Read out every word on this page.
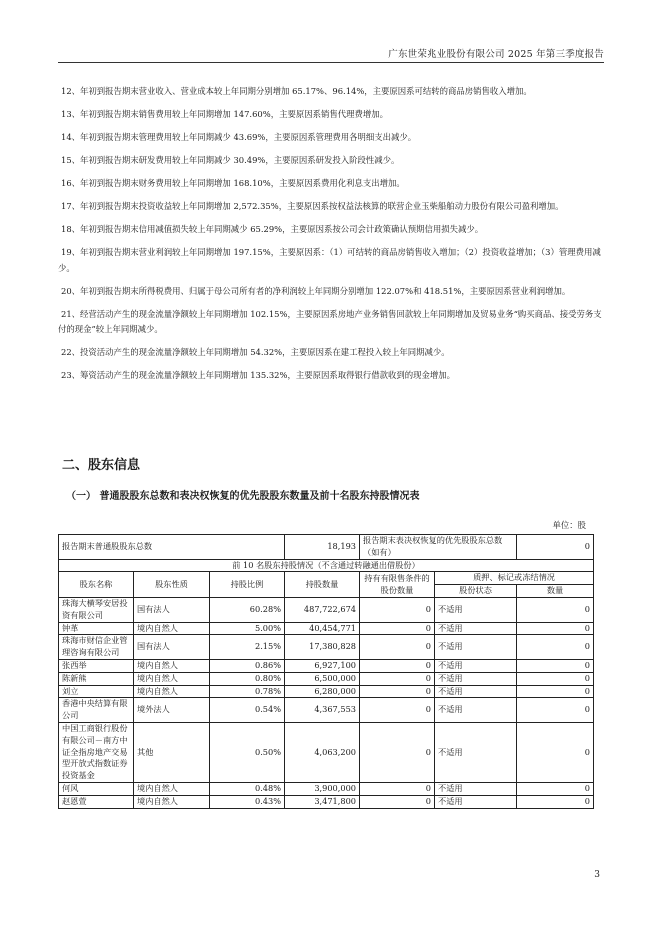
广东世荣兆业股份有限公司 2025 年第三季度报告

12、年初到报告期末营业收入、营业成本较上年同期分别增加 65.17%、96.14%，主要原因系可结转的商品房销售收入增加。

13、年初到报告期末销售费用较上年同期增加 147.60%，主要原因系销售代理费增加。

14、年初到报告期末管理费用较上年同期减少 43.69%，主要原因系管理费用各明细支出减少。

15、年初到报告期末研发费用较上年同期减少 30.49%，主要原因系研发投入阶段性减少。

16、年初到报告期末财务费用较上年同期增加 168.10%，主要原因系费用化利息支出增加。

17、年初到报告期末投资收益较上年同期增加 2,572.35%，主要原因系按权益法核算的联营企业玉柴船舶动力股份有限公司盈利增加。

18、年初到报告期末信用减值损失较上年同期减少 65.29%，主要原因系按公司会计政策确认预期信用损失减少。

19、年初到报告期末营业利润较上年同期增加 197.15%，主要原因系：（1）可结转的商品房销售收入增加；（2）投资收益增加；（3）管理费用减少。

20、年初到报告期末所得税费用、归属于母公司所有者的净利润较上年同期分别增加 122.07%和 418.51%，主要原因系营业利润增加。

21、经营活动产生的现金流量净额较上年同期增加 102.15%，主要原因系房地产业务销售回款较上年同期增加及贸易业务“购买商品、接受劳务支付的现金”较上年同期减少。

22、投资活动产生的现金流量净额较上年同期增加 54.32%，主要原因系在建工程投入较上年同期减少。

23、筹资活动产生的现金流量净额较上年同期增加 135.32%，主要原因系取得银行借款收到的现金增加。

二、股东信息
（一） 普通股股东总数和表决权恢复的优先股股东数量及前十名股东持股情况表
单位：股
报告期末普通股股东总数			18,193	报告期末表决权恢复的优先股股东总数（如有）		0
前 10 名股东持股情况（不含通过转融通出借股份）						
股东名称	股东性质	持股比例	持股数量	持有有限售条件的股份数量	质押、标记或冻结情况	
					股份状态	数量
珠海大横琴安居投资有限公司	国有法人	60.28%	487,722,674	0	不适用	0
钟革	境内自然人	5.00%	40,454,771	0	不适用	0
珠海市财信企业管理咨询有限公司	国有法人	2.15%	17,380,828	0	不适用	0
张西举	境内自然人	0.86%	6,927,100	0	不适用	0
陈新熊	境内自然人	0.80%	6,500,000	0	不适用	0
刘立	境内自然人	0.78%	6,280,000	0	不适用	0
香港中央结算有限公司	境外法人	0.54%	4,367,553	0	不适用	0
中国工商银行股份有限公司－南方中证全指房地产交易型开放式指数证券投资基金	其他	0.50%	4,063,200	0	不适用	0
何风	境内自然人	0.48%	3,900,000	0	不适用	0
赵恩萱	境内自然人	0.43%	3,471,800	0	不适用	0
3
